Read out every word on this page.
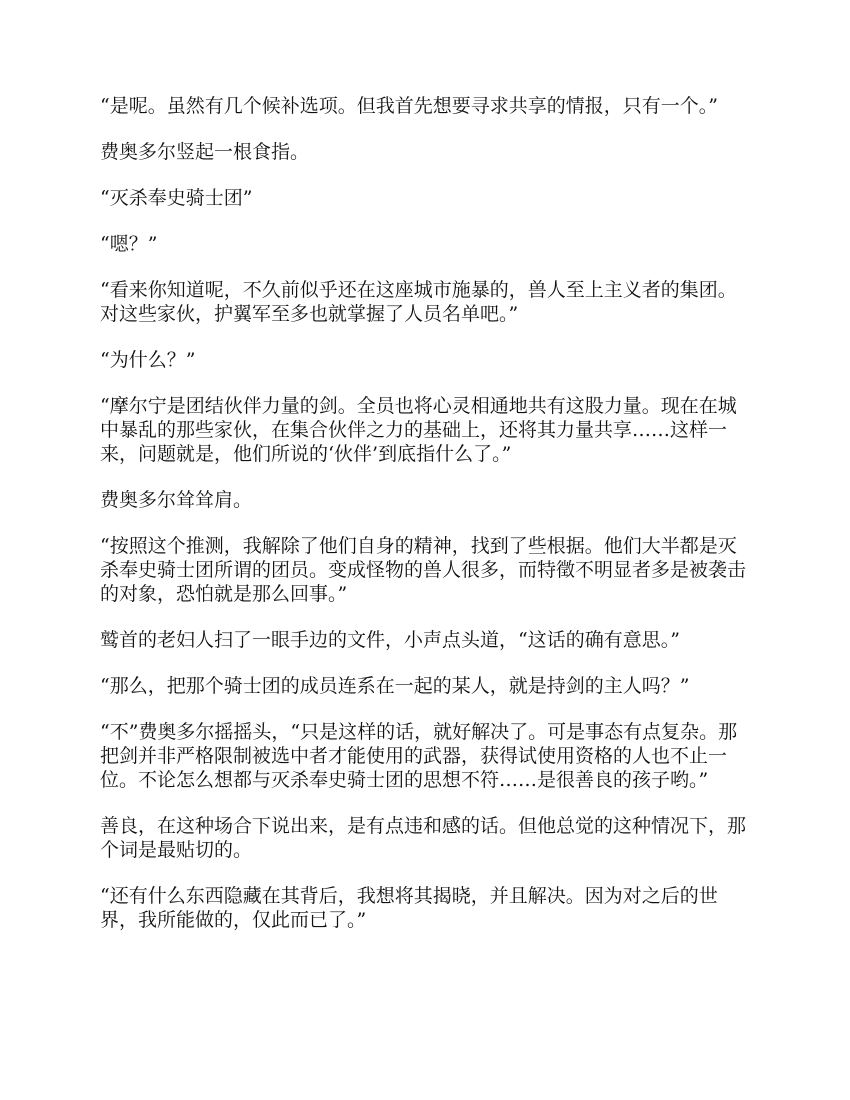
“是呢。虽然有几个候补选项。但我首先想要寻求共享的情报，只有一个。”

费奥多尔竖起一根食指。

“灭杀奉史骑士团”

“嗯？”

“看来你知道呢，不久前似乎还在这座城市施暴的，兽人至上主义者的集团。对这些家伙，护翼军至多也就掌握了人员名单吧。”

“为什么？”

“摩尔宁是团结伙伴力量的剑。全员也将心灵相通地共有这股力量。现在在城中暴乱的那些家伙，在集合伙伴之力的基础上，还将其力量共享……这样一来，问题就是，他们所说的‘伙伴’到底指什么了。”

费奥多尔耸耸肩。

“按照这个推测，我解除了他们自身的精神，找到了些根据。他们大半都是灭杀奉史骑士团所谓的团员。变成怪物的兽人很多，而特徵不明显者多是被袭击的对象，恐怕就是那么回事。”

鹫首的老妇人扫了一眼手边的文件，小声点头道，“这话的确有意思。”

“那么，把那个骑士团的成员连系在一起的某人，就是持剑的主人吗？”

“不”费奥多尔摇摇头，“只是这样的话，就好解决了。可是事态有点复杂。那把剑并非严格限制被选中者才能使用的武器，获得试使用资格的人也不止一位。不论怎么想都与灭杀奉史骑士团的思想不符……是很善良的孩子哟。”

善良，在这种场合下说出来，是有点违和感的话。但他总觉的这种情况下，那个词是最贴切的。

“还有什么东西隐藏在其背后，我想将其揭晓，并且解决。因为对之后的世界，我所能做的，仅此而已了。”
